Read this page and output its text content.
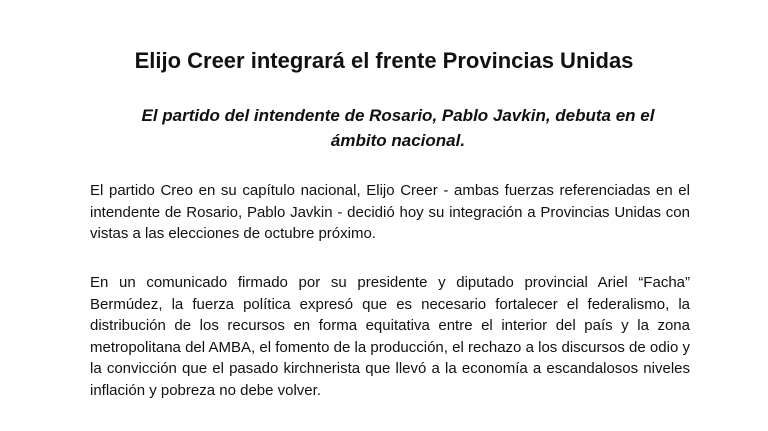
Elijo Creer integrará el frente Provincias Unidas

El partido del intendente de Rosario, Pablo Javkin, debuta en el ámbito nacional.

El partido Creo en su capítulo nacional, Elijo Creer - ambas fuerzas referenciadas en el intendente de Rosario, Pablo Javkin - decidió hoy su integración a Provincias Unidas con vistas a las elecciones de octubre próximo.

En un comunicado firmado por su presidente y diputado provincial Ariel “Facha” Bermúdez, la fuerza política expresó que es necesario fortalecer el federalismo, la distribución de los recursos en forma equitativa entre el interior del país y la zona metropolitana del AMBA, el fomento de la producción, el rechazo a los discursos de odio y la convicción que el pasado kirchnerista que llevó a la economía a escandalosos niveles inflación y pobreza no debe volver.
